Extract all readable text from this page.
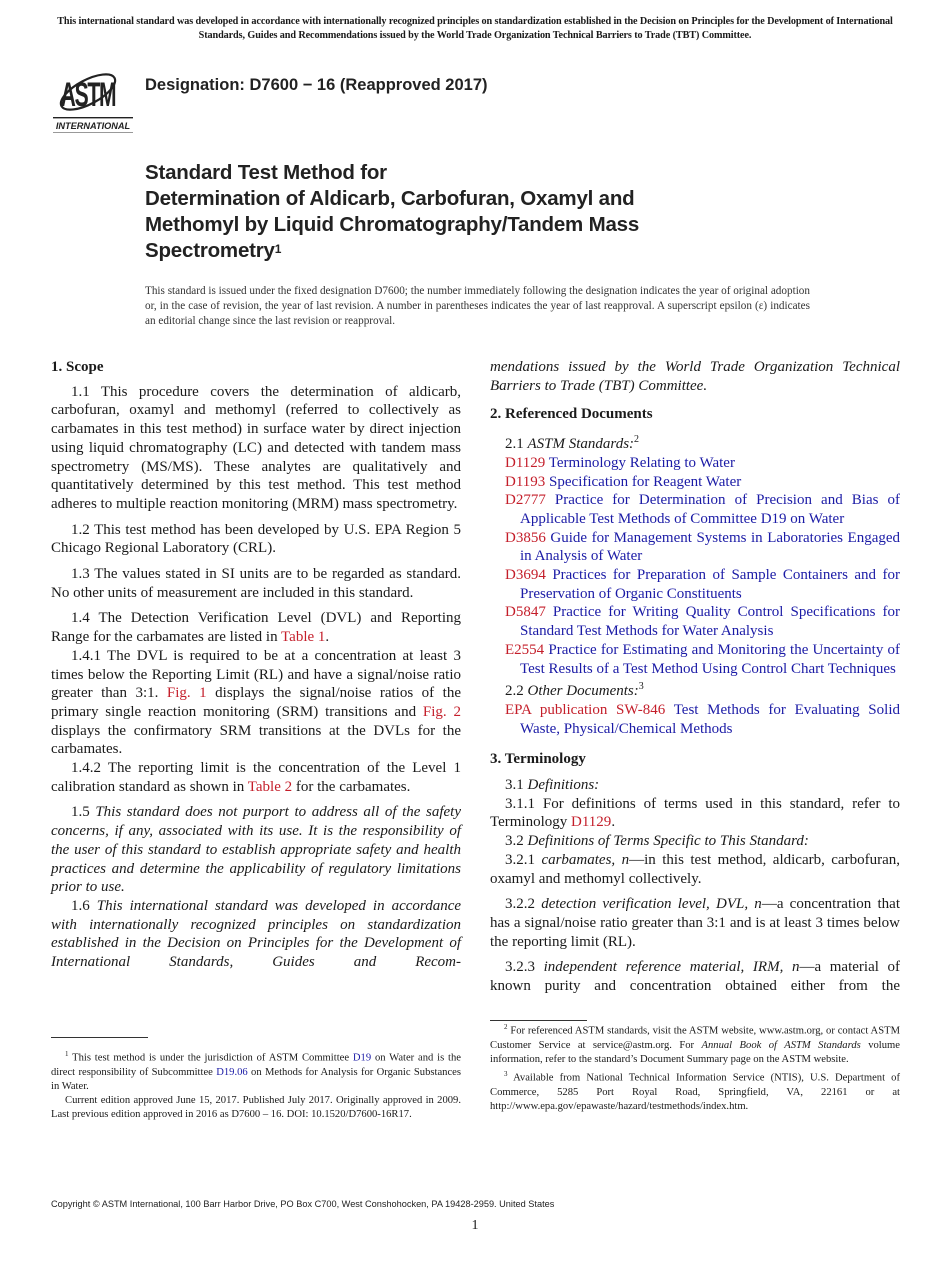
This international standard was developed in accordance with internationally recognized principles on standardization established in the Decision on Principles for the Development of International Standards, Guides and Recommendations issued by the World Trade Organization Technical Barriers to Trade (TBT) Committee.
ASTM
INTERNATIONAL
Designation: D7600 − 16 (Reapproved 2017)
Standard Test Method for
Determination of Aldicarb, Carbofuran, Oxamyl and
Methomyl by Liquid Chromatography/Tandem Mass
Spectrometry$^1$
This standard is issued under the fixed designation D7600; the number immediately following the designation indicates the year of original adoption or, in the case of revision, the year of last revision. A number in parentheses indicates the year of last reapproval. A superscript epsilon (ε) indicates an editorial change since the last revision or reapproval.
1. Scope

1.1 This procedure covers the determination of aldicarb, carbofuran, oxamyl and methomyl (referred to collectively as carbamates in this test method) in surface water by direct injection using liquid chromatography (LC) and detected with tandem mass spectrometry (MS/MS). These analytes are qualitatively and quantitatively determined by this test method. This test method adheres to multiple reaction monitoring (MRM) mass spectrometry.

1.2 This test method has been developed by U.S. EPA Region 5 Chicago Regional Laboratory (CRL).

1.3 The values stated in SI units are to be regarded as standard. No other units of measurement are included in this standard.

1.4 The Detection Verification Level (DVL) and Reporting Range for the carbamates are listed in Table 1.

1.4.1 The DVL is required to be at a concentration at least 3 times below the Reporting Limit (RL) and have a signal/noise ratio greater than 3:1. Fig. 1 displays the signal/noise ratios of the primary single reaction monitoring (SRM) transitions and Fig. 2 displays the confirmatory SRM transitions at the DVLs for the carbamates.

1.4.2 The reporting limit is the concentration of the Level 1 calibration standard as shown in Table 2 for the carbamates.

1.5 This standard does not purport to address all of the safety concerns, if any, associated with its use. It is the responsibility of the user of this standard to establish appropriate safety and health practices and determine the applicability of regulatory limitations prior to use.

1.6 This international standard was developed in accordance with internationally recognized principles on standardization established in the Decision on Principles for the Development of International Standards, Guides and Recom-

mendations issued by the World Trade Organization Technical Barriers to Trade (TBT) Committee.

2. Referenced Documents

2.1 ASTM Standards:$^2$

D1129 Terminology Relating to Water

D1193 Specification for Reagent Water

D2777 Practice for Determination of Precision and Bias of Applicable Test Methods of Committee D19 on Water

D3856 Guide for Management Systems in Laboratories Engaged in Analysis of Water

D3694 Practices for Preparation of Sample Containers and for Preservation of Organic Constituents

D5847 Practice for Writing Quality Control Specifications for Standard Test Methods for Water Analysis

E2554 Practice for Estimating and Monitoring the Uncertainty of Test Results of a Test Method Using Control Chart Techniques

2.2 Other Documents:$^3$

EPA publication SW-846 Test Methods for Evaluating Solid Waste, Physical/Chemical Methods

3. Terminology

3.1 Definitions:

3.1.1 For definitions of terms used in this standard, refer to Terminology D1129.

3.2 Definitions of Terms Specific to This Standard:

3.2.1 carbamates, n—in this test method, aldicarb, carbofuran, oxamyl and methomyl collectively.

3.2.2 detection verification level, DVL, n—a concentration that has a signal/noise ratio greater than 3:1 and is at least 3 times below the reporting limit (RL).

3.2.3 independent reference material, IRM, n—a material of known purity and concentration obtained either from the

$^1$ This test method is under the jurisdiction of ASTM Committee D19 on Water and is the direct responsibility of Subcommittee D19.06 on Methods for Analysis for Organic Substances in Water.

Current edition approved June 15, 2017. Published July 2017. Originally approved in 2009. Last previous edition approved in 2016 as D7600 – 16. DOI: 10.1520/D7600-16R17.

$^2$ For referenced ASTM standards, visit the ASTM website, www.astm.org, or contact ASTM Customer Service at service@astm.org. For Annual Book of ASTM Standards volume information, refer to the standard’s Document Summary page on the ASTM website.

$^3$ Available from National Technical Information Service (NTIS), U.S. Department of Commerce, 5285 Port Royal Road, Springfield, VA, 22161 or at http://www.epa.gov/epawaste/hazard/testmethods/index.htm.

Copyright © ASTM International, 100 Barr Harbor Drive, PO Box C700, West Conshohocken, PA 19428-2959. United States
1
